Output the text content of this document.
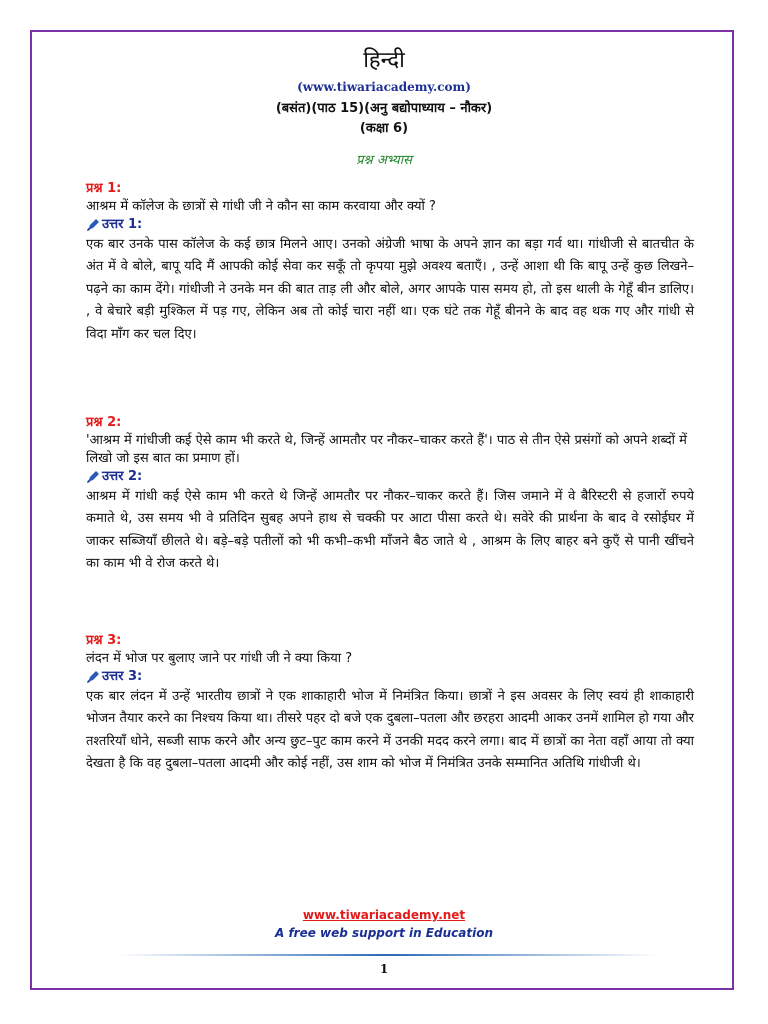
हिन्दी
(www.tiwariacademy.com)
(बसंत)(पाठ 15)(अनु बद्योपाध्याय – नौकर)
(कक्षा 6)
प्रश्न अभ्यास
प्रश्न 1:
आश्रम में कॉलेज के छात्रों से गांधी जी ने कौन सा काम करवाया और क्यों ?
उत्तर 1:
एक बार उनके पास कॉलेज के कई छात्र मिलने आए। उनको अंग्रेजी भाषा के अपने ज्ञान का बड़ा गर्व था। गांधीजी से बातचीत के अंत में वे बोले, बापू यदि मैं आपकी कोई सेवा कर सकूँ तो कृपया मुझे अवश्य बताएँ। , उन्हें आशा थी कि बापू उन्हें कुछ लिखने–पढ़ने का काम देंगे। गांधीजी ने उनके मन की बात ताड़ ली और बोले, अगर आपके पास समय हो, तो इस थाली के गेहूँ बीन डालिए। , वे बेचारे बड़ी मुश्किल में पड़ गए, लेकिन अब तो कोई चारा नहीं था। एक घंटे तक गेहूँ बीनने के बाद वह थक गए और गांधी से विदा माँग कर चल दिए।
प्रश्न 2:
'आश्रम में गांधीजी कई ऐसे काम भी करते थे, जिन्हें आमतौर पर नौकर–चाकर करते हैं'। पाठ से तीन ऐसे प्रसंगों को अपने शब्दों में लिखो जो इस बात का प्रमाण हों।
उत्तर 2:
आश्रम में गांधी कई ऐसे काम भी करते थे जिन्हें आमतौर पर नौकर–चाकर करते हैं। जिस जमाने में वे बैरिस्टरी से हजारों रुपये कमाते थे, उस समय भी वे प्रतिदिन सुबह अपने हाथ से चक्की पर आटा पीसा करते थे। सवेरे की प्रार्थना के बाद वे रसोईघर में जाकर सब्जियाँ छीलते थे। बड़े–बड़े पतीलों को भी कभी–कभी माँजने बैठ जाते थे , आश्रम के लिए बाहर बने कुएँ से पानी खींचने का काम भी वे रोज करते थे।
प्रश्न 3:
लंदन में भोज पर बुलाए जाने पर गांधी जी ने क्या किया ?
उत्तर 3:
एक बार लंदन में उन्हें भारतीय छात्रों ने एक शाकाहारी भोज में निमंत्रित किया। छात्रों ने इस अवसर के लिए स्वयं ही शाकाहारी भोजन तैयार करने का निश्चय किया था। तीसरे पहर दो बजे एक दुबला–पतला और छरहरा आदमी आकर उनमें शामिल हो गया और तश्तरियाँ धोने, सब्जी साफ करने और अन्य छुट–पुट काम करने में उनकी मदद करने लगा। बाद में छात्रों का नेता वहाँ आया तो क्या देखता है कि वह दुबला–पतला आदमी और कोई नहीं, उस शाम को भोज में निमंत्रित उनके सम्मानित अतिथि गांधीजी थे।
www.tiwariacademy.net
A free web support in Education
1
